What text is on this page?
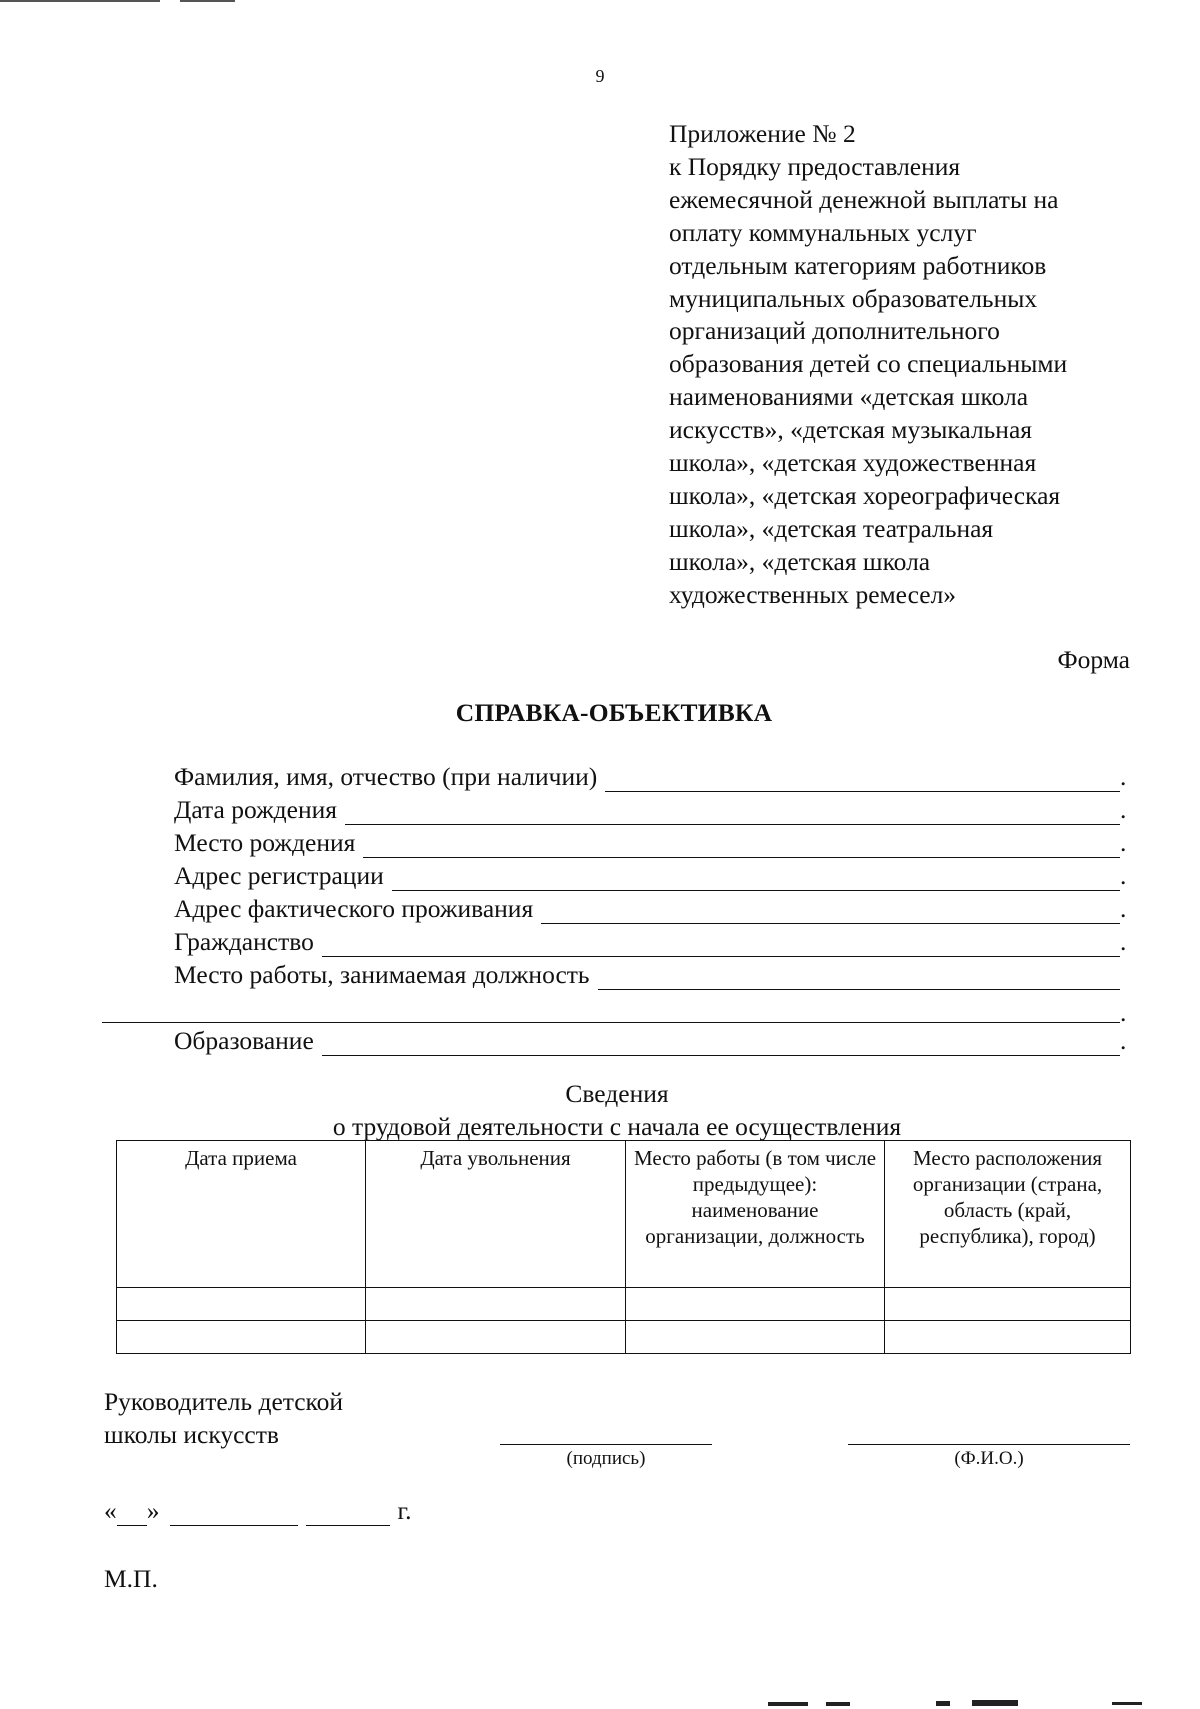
9
Приложение № 2
к Порядку предоставления
ежемесячной денежной выплаты на
оплату коммунальных услуг
отдельным категориям работников
муниципальных образовательных
организаций дополнительного
образования детей со специальными
наименованиями «детская школа
искусств», «детская музыкальная
школа», «детская художественная
школа», «детская хореографическая
школа», «детская театральная
школа», «детская школа
художественных ремесел»
Форма
СПРАВКА-ОБЪЕКТИВКА
Фамилия, имя, отчество (при наличии)	.
Дата рождения	.
Место рождения	.
Адрес регистрации	.
Адрес фактического проживания	.
Гражданство	.
Место работы, занимаемая должность
.
Образование	.
Сведения
о трудовой деятельности с начала ее осуществления
Дата приема	Дата увольнения	Место работы (в том числе предыдущее): наименование организации, должность	Место расположения организации (страна, область (край, республика), город)

Руководитель детской
школы искусств
(подпись)	(Ф.И.О.)
« »	г.
М.П.
